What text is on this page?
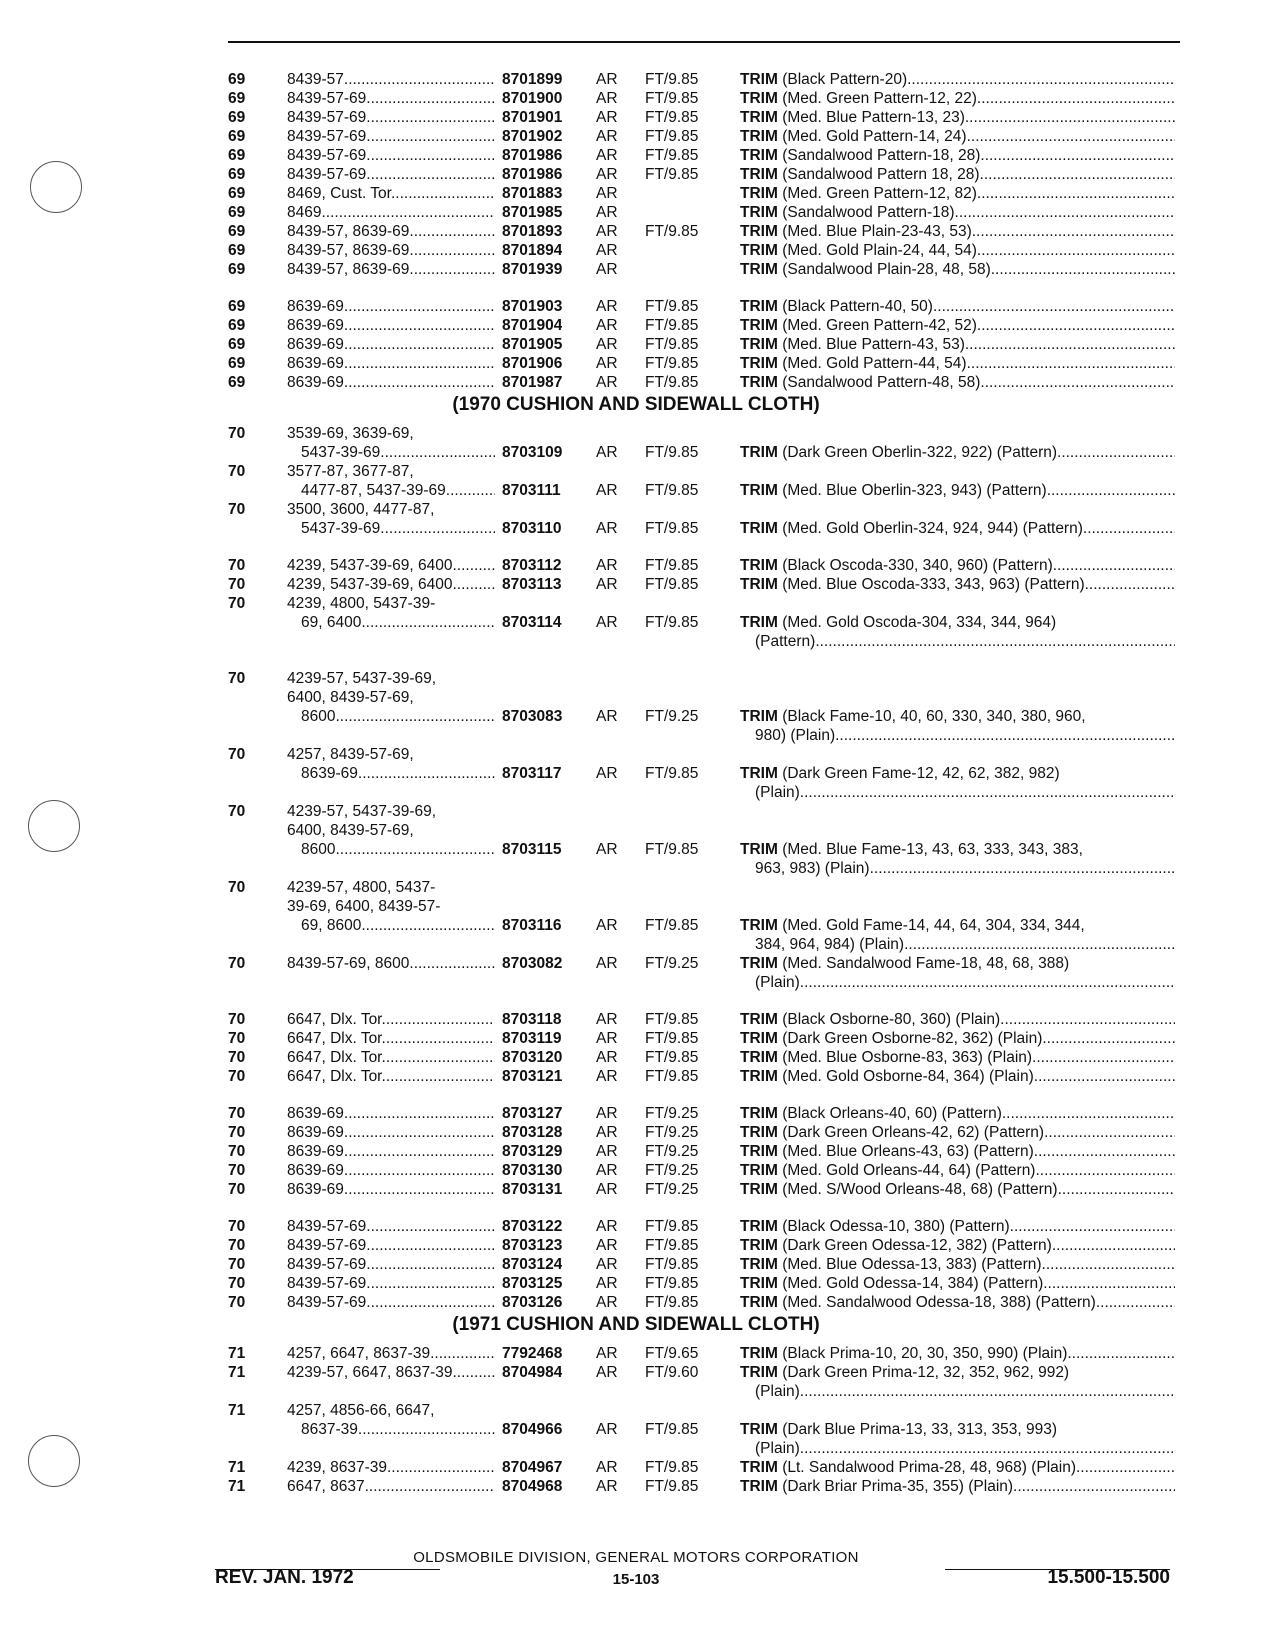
69	8439-57 .....	8701899 AR FT/9.85	TRIM (Black Pattern-20)
.....
69	8439-57-69 .....	8701900 AR FT/9.85	TRIM (Med. Green Pattern-12, 22)
.....
69	8439-57-69 .....	8701901 AR FT/9.85	TRIM (Med. Blue Pattern-13, 23)
.....
69	8439-57-69 .....	8701902 AR FT/9.85	TRIM (Med. Gold Pattern-14, 24)
.....
69	8439-57-69 .....	8701986 AR FT/9.85	TRIM (Sandalwood Pattern-18, 28)
.....
69	8439-57-69 .....	8701986 AR FT/9.85	TRIM (Sandalwood Pattern 18, 28)
.....
69	8469, Cust. Tor. .....	8701883 AR	TRIM (Med. Green Pattern-12, 82)
.....
69	8469 .....	8701985 AR	TRIM (Sandalwood Pattern-18)
.....
69	8439-57, 8639-69 .....	8701893 AR FT/9.85	TRIM (Med. Blue Plain-23-43, 53)
.....
69	8439-57, 8639-69 .....	8701894 AR	TRIM (Med. Gold Plain-24, 44, 54)
.....
69	8439-57, 8639-69 .....	8701939 AR	TRIM (Sandalwood Plain-28, 48, 58)
.....
69	8639-69 .....	8701903 AR FT/9.85	TRIM (Black Pattern-40, 50)
.....
69	8639-69 .....	8701904 AR FT/9.85	TRIM (Med. Green Pattern-42, 52)
.....
69	8639-69 .....	8701905 AR FT/9.85	TRIM (Med. Blue Pattern-43, 53)
.....
69	8639-69 .....	8701906 AR FT/9.85	TRIM (Med. Gold Pattern-44, 54)
.....
69	8639-69 .....	8701987 AR FT/9.85	TRIM (Sandalwood Pattern-48, 58)
.....
(1970 CUSHION AND SIDEWALL CLOTH)
70	3539-69, 3639-69,
5437-39-69 .....	8703109 AR FT/9.85	TRIM (Dark Green Oberlin-322, 922) (Pattern)
.....
70	3577-87, 3677-87,
4477-87, 5437-39-69 .....	8703111 AR FT/9.85	TRIM (Med. Blue Oberlin-323, 943) (Pattern)
.....
70	3500, 3600, 4477-87,
5437-39-69 .....	8703110 AR FT/9.85	TRIM (Med. Gold Oberlin-324, 924, 944) (Pattern)
.....
70	4239, 5437-39-69, 6400 .....	8703112 AR FT/9.85	TRIM (Black Oscoda-330, 340, 960) (Pattern)
.....
70	4239, 5437-39-69, 6400 .....	8703113 AR FT/9.85	TRIM (Med. Blue Oscoda-333, 343, 963) (Pattern)
.....
70	4239, 4800, 5437-39-
69, 6400 .....	8703114 AR FT/9.85	TRIM (Med. Gold Oscoda-304, 334, 344, 964)
(Pattern)
.....
70	4239-57, 5437-39-69,
6400, 8439-57-69,
8600 .....	8703083 AR FT/9.25	TRIM (Black Fame-10, 40, 60, 330, 340, 380, 960,
980) (Plain)
.....
70	4257, 8439-57-69,
8639-69 .....	8703117 AR FT/9.85	TRIM (Dark Green Fame-12, 42, 62, 382, 982)
(Plain)
.....
70	4239-57, 5437-39-69,
6400, 8439-57-69,
8600 .....	8703115 AR FT/9.85	TRIM (Med. Blue Fame-13, 43, 63, 333, 343, 383,
963, 983) (Plain)
.....
70	4239-57, 4800, 5437-
39-69, 6400, 8439-57-
69, 8600 .....	8703116 AR FT/9.85	TRIM (Med. Gold Fame-14, 44, 64, 304, 334, 344,
384, 964, 984) (Plain)
.....
70	8439-57-69, 8600 .....	8703082 AR FT/9.25	TRIM (Med. Sandalwood Fame-18, 48, 68, 388)
(Plain)
.....
70	6647, Dlx. Tor. .....	8703118 AR FT/9.85	TRIM (Black Osborne-80, 360) (Plain)
.....
70	6647, Dlx. Tor. .....	8703119 AR FT/9.85	TRIM (Dark Green Osborne-82, 362) (Plain)
.....
70	6647, Dlx. Tor. .....	8703120 AR FT/9.85	TRIM (Med. Blue Osborne-83, 363) (Plain)
.....
70	6647, Dlx. Tor. .....	8703121 AR FT/9.85	TRIM (Med. Gold Osborne-84, 364) (Plain)
.....
70	8639-69 .....	8703127 AR FT/9.25	TRIM (Black Orleans-40, 60) (Pattern)
.....
70	8639-69 .....	8703128 AR FT/9.25	TRIM (Dark Green Orleans-42, 62) (Pattern)
.....
70	8639-69 .....	8703129 AR FT/9.25	TRIM (Med. Blue Orleans-43, 63) (Pattern)
.....
70	8639-69 .....	8703130 AR FT/9.25	TRIM (Med. Gold Orleans-44, 64) (Pattern)
.....
70	8639-69 .....	8703131 AR FT/9.25	TRIM (Med. S/Wood Orleans-48, 68) (Pattern)
.....
70	8439-57-69 .....	8703122 AR FT/9.85	TRIM (Black Odessa-10, 380) (Pattern)
.....
70	8439-57-69 .....	8703123 AR FT/9.85	TRIM (Dark Green Odessa-12, 382) (Pattern)
.....
70	8439-57-69 .....	8703124 AR FT/9.85	TRIM (Med. Blue Odessa-13, 383) (Pattern)
.....
70	8439-57-69 .....	8703125 AR FT/9.85	TRIM (Med. Gold Odessa-14, 384) (Pattern)
.....
70	8439-57-69 .....	8703126 AR FT/9.85	TRIM (Med. Sandalwood Odessa-18, 388) (Pattern)
.....
(1971 CUSHION AND SIDEWALL CLOTH)
71	4257, 6647, 8637-39 .....	7792468 AR FT/9.65	TRIM (Black Prima-10, 20, 30, 350, 990) (Plain)
.....
71	4239-57, 6647, 8637-39 .....	8704984 AR FT/9.60	TRIM (Dark Green Prima-12, 32, 352, 962, 992)
(Plain)
.....
71	4257, 4856-66, 6647,
8637-39 .....	8704966 AR FT/9.85	TRIM (Dark Blue Prima-13, 33, 313, 353, 993)
(Plain)
.....
71	4239, 8637-39 .....	8704967 AR FT/9.85	TRIM (Lt. Sandalwood Prima-28, 48, 968) (Plain)
.....
71	6647, 8637 .....	8704968 AR FT/9.85	TRIM (Dark Briar Prima-35, 355) (Plain)
.....
OLDSMOBILE DIVISION, GENERAL MOTORS CORPORATION
REV. JAN. 1972	15-103	15.500-15.500
